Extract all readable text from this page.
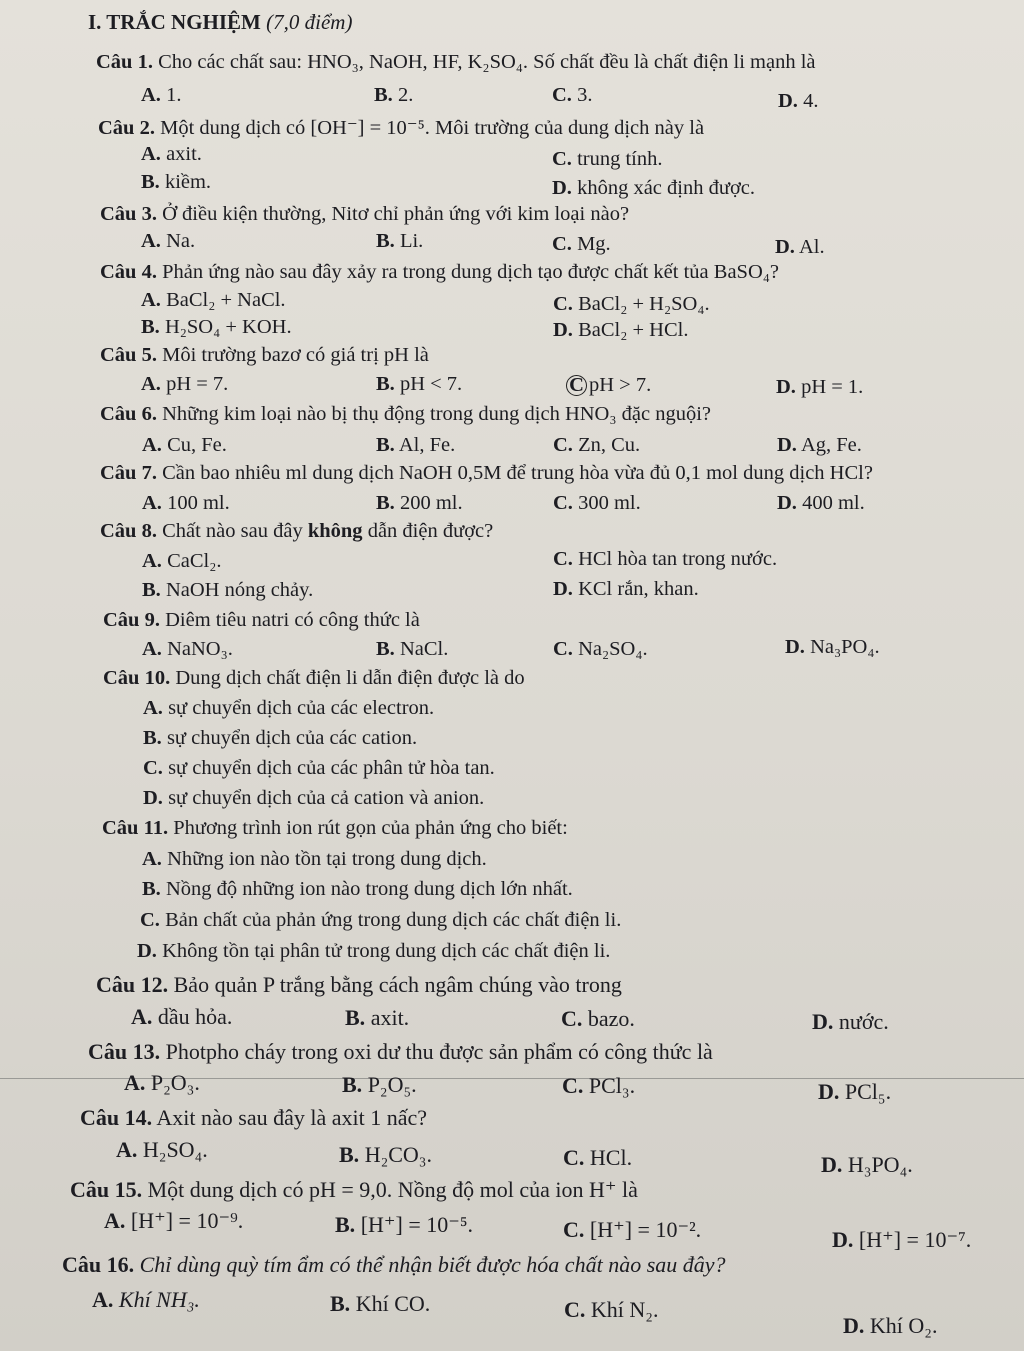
I. TRẮC NGHIỆM (7,0 điểm)
Câu 1. Cho các chất sau: HNO₃, NaOH, HF, K₂SO₄. Số chất đều là chất điện li mạnh là
A. 1.	B. 2.	C. 3.	D. 4.
Câu 2. Một dung dịch có [OH⁻] = 10⁻⁵. Môi trường của dung dịch này là
A. axit.
B. kiềm.
C. trung tính.
D. không xác định được.
Câu 3. Ở điều kiện thường, Nitơ chỉ phản ứng với kim loại nào?
A. Na.	B. Li.	C. Mg.	D. Al.
Câu 4. Phản ứng nào sau đây xảy ra trong dung dịch tạo được chất kết tủa BaSO₄?
A. BaCl₂ + NaCl.
B. H₂SO₄ + KOH.
C. BaCl₂ + H₂SO₄.
D. BaCl₂ + HCl.
Câu 5. Môi trường bazơ có giá trị pH là
A. pH = 7.	B. pH < 7.	C pH > 7.	D. pH = 1.
Câu 6. Những kim loại nào bị thụ động trong dung dịch HNO₃ đặc nguội?
A. Cu, Fe.	B. Al, Fe.	C. Zn, Cu.	D. Ag, Fe.
Câu 7. Cần bao nhiêu ml dung dịch NaOH 0,5M để trung hòa vừa đủ 0,1 mol dung dịch HCl?
A. 100 ml.	B. 200 ml.	C. 300 ml.	D. 400 ml.
Câu 8. Chất nào sau đây không dẫn điện được?
A. CaCl₂.
B. NaOH nóng chảy.
C. HCl hòa tan trong nước.
D. KCl rắn, khan.
Câu 9. Diêm tiêu natri có công thức là
A. NaNO₃.	B. NaCl.	C. Na₂SO₄.	D. Na₃PO₄.
Câu 10. Dung dịch chất điện li dẫn điện được là do
A. sự chuyển dịch của các electron.
B. sự chuyển dịch của các cation.
C. sự chuyển dịch của các phân tử hòa tan.
D. sự chuyển dịch của cả cation và anion.
Câu 11. Phương trình ion rút gọn của phản ứng cho biết:
A. Những ion nào tồn tại trong dung dịch.
B. Nồng độ những ion nào trong dung dịch lớn nhất.
C. Bản chất của phản ứng trong dung dịch các chất điện li.
D. Không tồn tại phân tử trong dung dịch các chất điện li.
Câu 12. Bảo quản P trắng bằng cách ngâm chúng vào trong
A. dầu hỏa.	B. axit.	C. bazo.	D. nước.
Câu 13. Photpho cháy trong oxi dư thu được sản phẩm có công thức là
A. P₂O₃.	B. P₂O₅.	C. PCl₃.	D. PCl₅.
Câu 14. Axit nào sau đây là axit 1 nấc?
A. H₂SO₄.	B. H₂CO₃.	C. HCl.	D. H₃PO₄.
Câu 15. Một dung dịch có pH = 9,0. Nồng độ mol của ion H⁺ là
A. [H⁺] = 10⁻⁹.	B. [H⁺] = 10⁻⁵.	C. [H⁺] = 10⁻².	D. [H⁺] = 10⁻⁷.
Câu 16. Chỉ dùng quỳ tím ẩm có thể nhận biết được hóa chất nào sau đây?
A. Khí NH₃.	B. Khí CO.	C. Khí N₂.
D. Khí O₂.
